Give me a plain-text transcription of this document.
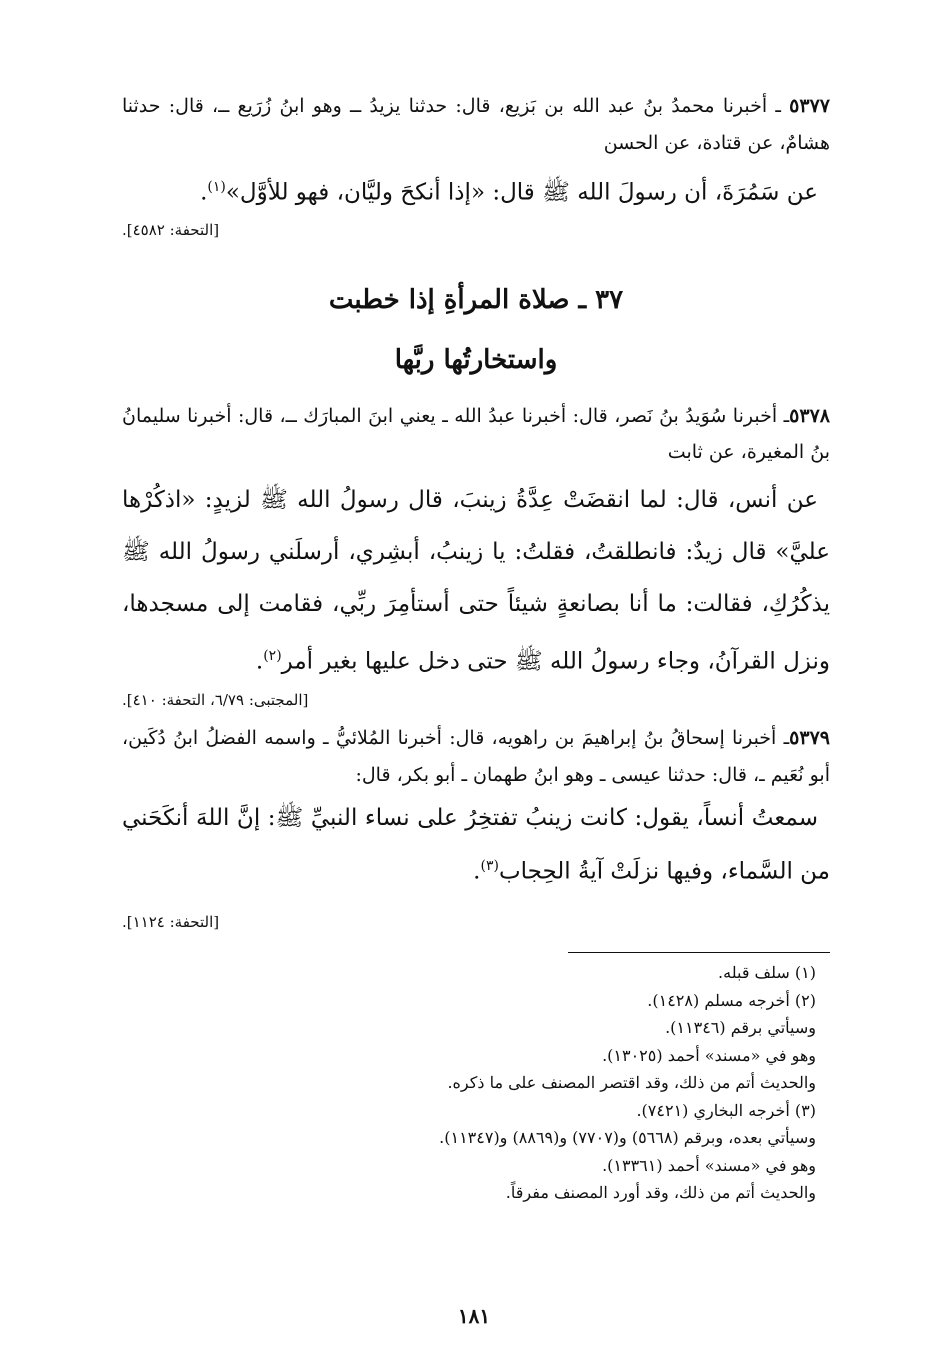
٥٣٧٧ ـ أخبرنا محمدُ بنُ عبد الله بن بَزيع، قال: حدثنا يزيدُ ــ وهو ابنُ زُرَيع ــ، قال: حدثنا هشامٌ، عن قتادة، عن الحسن
عن سَمُرَةَ، أن رسولَ الله ﷺ قال: «إذا أنكحَ وليَّان، فهو للأوَّل»$^{(١)}$.
[التحفة: ٤٥٨٢].
٣٧ ـ صلاة المرأةِ إذا خطبت
واستخارتُها ربَّها
٥٣٧٨ـ أخبرنا سُوَيدُ بنُ نَصر، قال: أخبرنا عبدُ الله ـ يعني ابنَ المبارَك ــ، قال: أخبرنا سليمانُ بنُ المغيرة، عن ثابت
عن أنس، قال: لما انقضَتْ عِدَّةُ زينبَ، قال رسولُ الله ﷺ لزيدٍ: «اذكُرْها عليَّ» قال زيدٌ: فانطلقتُ، فقلتُ: يا زينبُ، أبشِري، أرسلَني رسولُ الله ﷺ يذكُرُكِ، فقالت: ما أنا بصانعةٍ شيئاً حتى أستأمِرَ ربِّي، فقامت إلى مسجدها، ونزل القرآنُ، وجاء رسولُ الله ﷺ حتى دخل عليها بغير أمر$^{(٢)}$.
[المجتبى: ٦/٧٩، التحفة: ٤١٠].
٥٣٧٩ـ أخبرنا إسحاقُ بنُ إبراهيمَ بن راهويه، قال: أخبرنا المُلائيُّ ـ واسمه الفضلُ ابنُ دُكَين، أبو نُعَيم ـ، قال: حدثنا عيسى ـ وهو ابنُ طهمان ـ أبو بكر، قال:
سمعتُ أنساً، يقول: كانت زينبُ تفتخِرُ على نساء النبيِّ ﷺ: إنَّ اللهَ أنكَحَني من السَّماء، وفيها نزلَتْ آيةُ الحِجاب$^{(٣)}$.
[التحفة: ١١٢٤].
(١) سلف قبله.
(٢) أخرجه مسلم (١٤٢٨).
وسيأتي برقم (١١٣٤٦).
وهو في «مسند» أحمد (١٣٠٢٥).
والحديث أتم من ذلك، وقد اقتصر المصنف على ما ذكره.
(٣) أخرجه البخاري (٧٤٢١).
وسيأتي بعده، وبرقم (٥٦٦٨) و(٧٧٠٧) و(٨٨٦٩) و(١١٣٤٧).
وهو في «مسند» أحمد (١٣٣٦١).
والحديث أتم من ذلك، وقد أورد المصنف مفرقاً.
١٨١
